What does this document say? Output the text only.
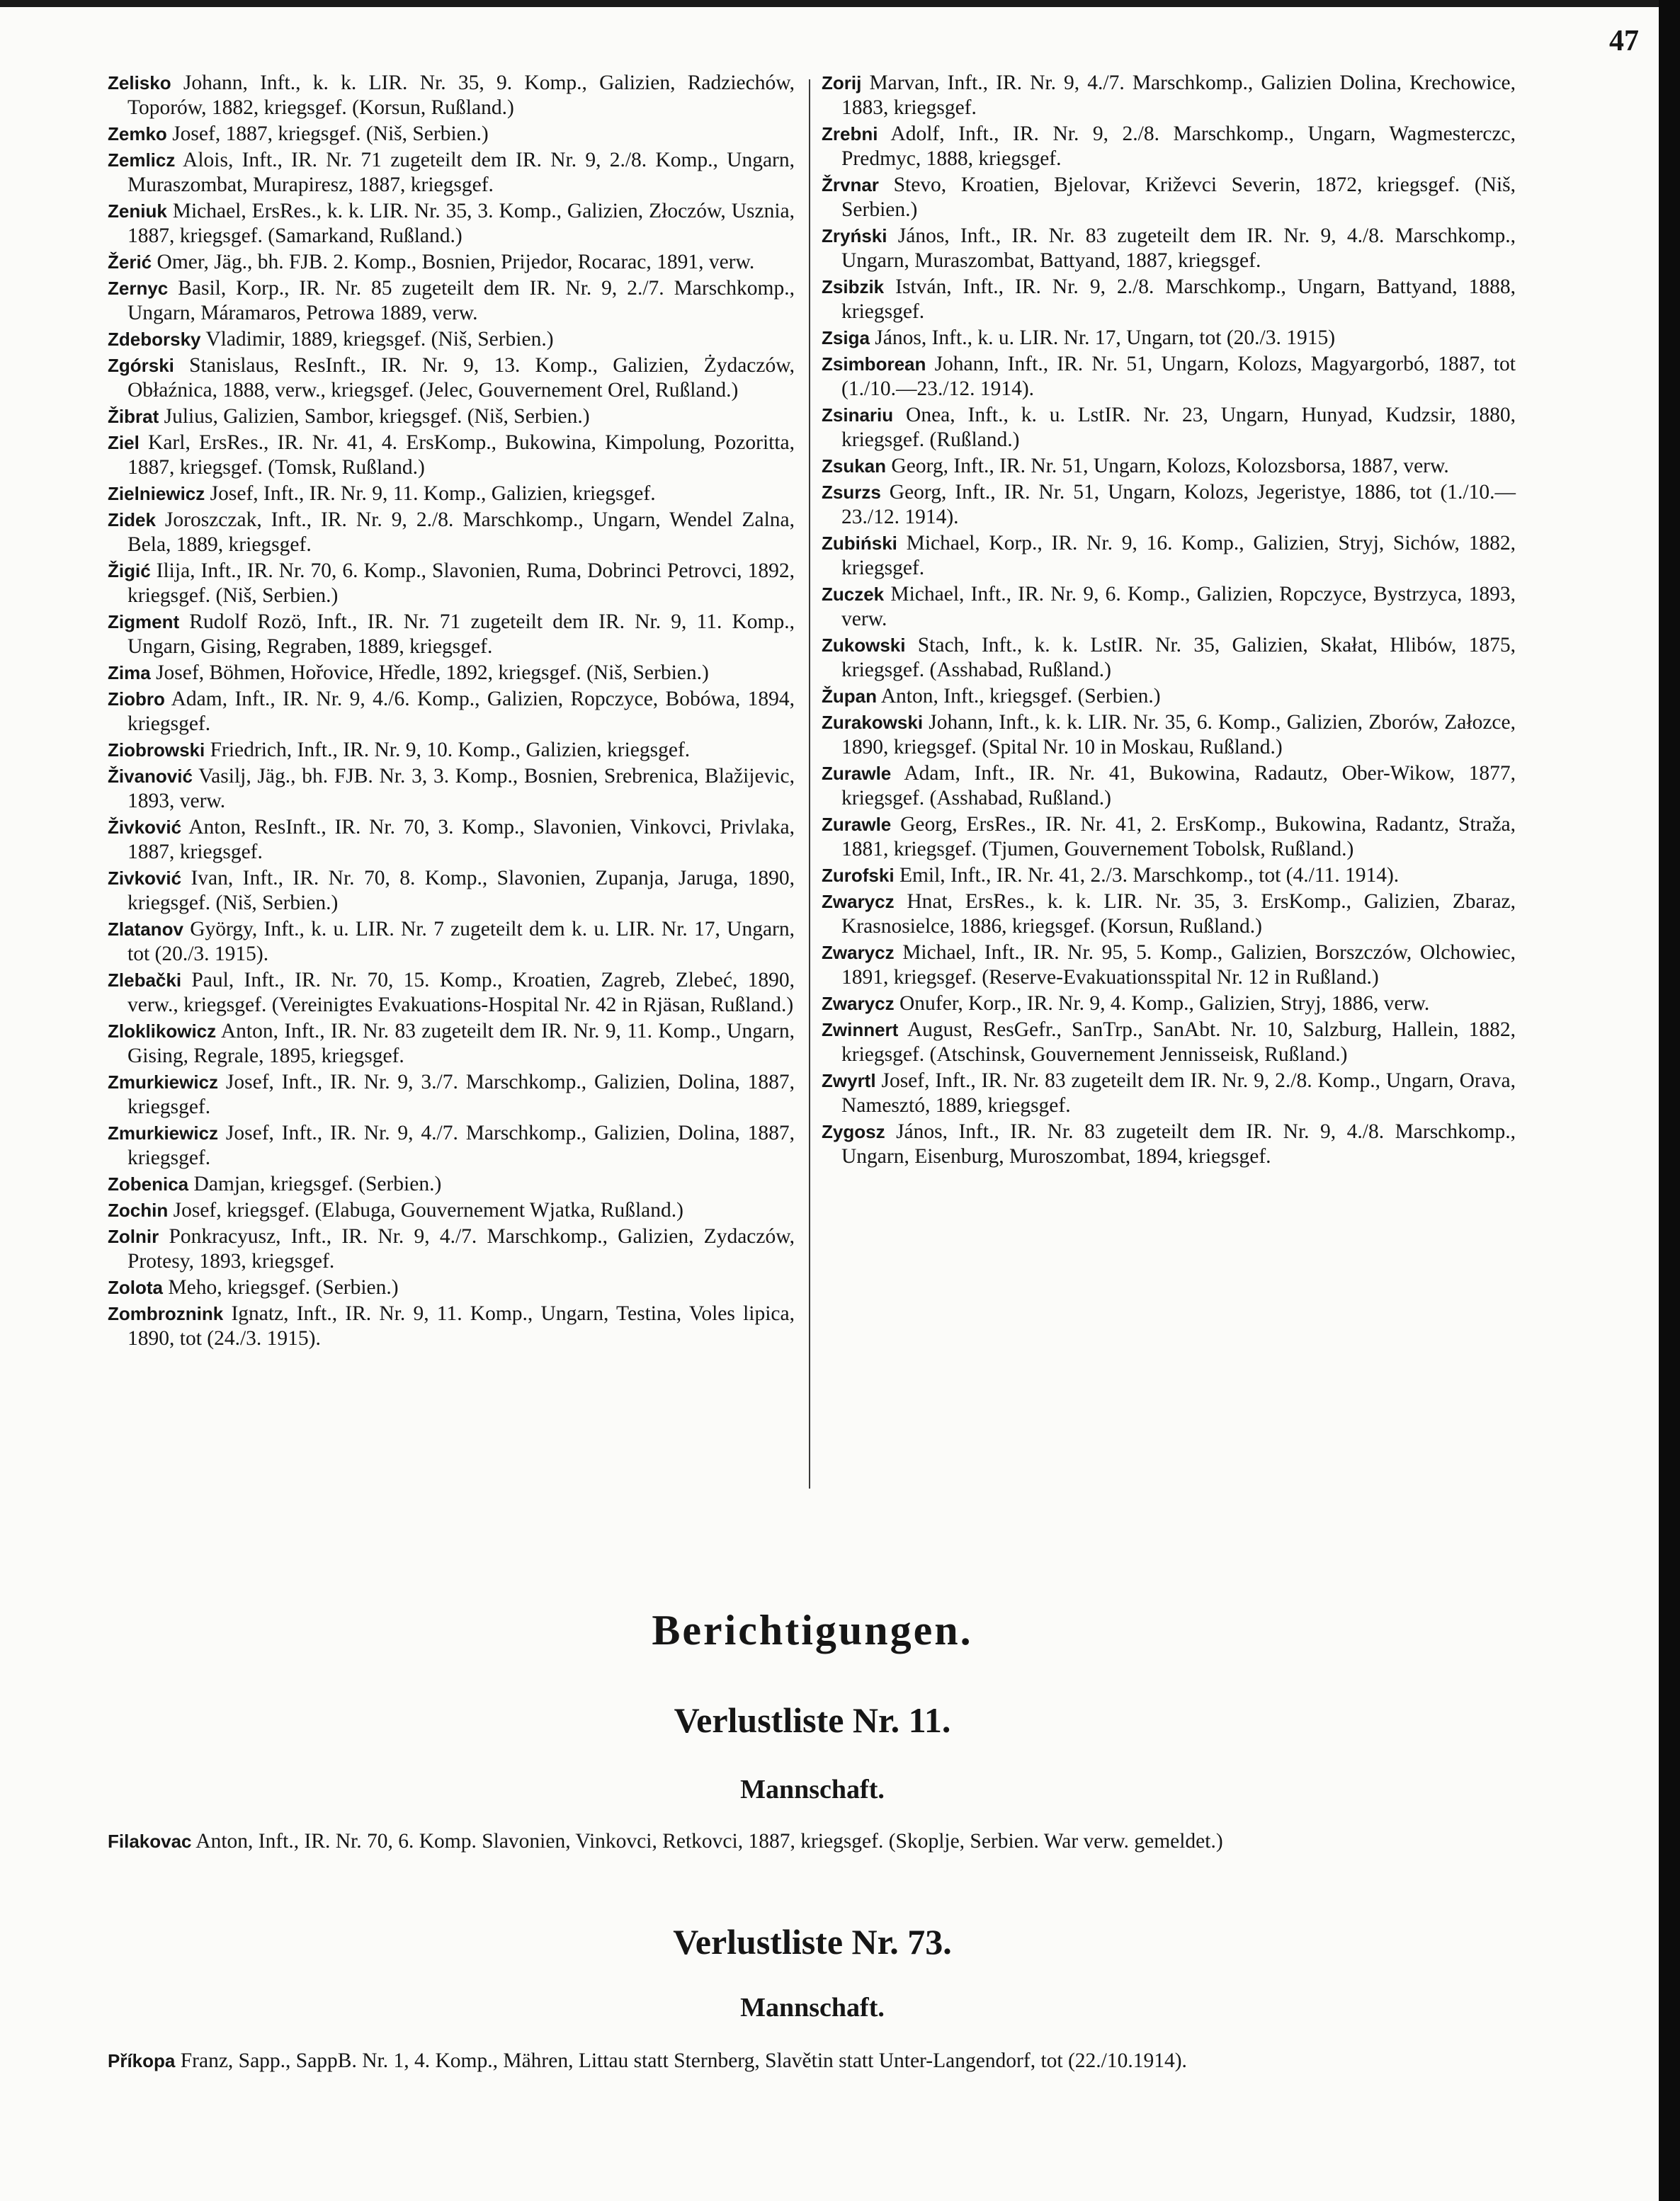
47

Zelisko Johann, Inft., k. k. LIR. Nr. 35, 9. Komp., Galizien, Radziechów, Toporów, 1882, kriegsgef. (Korsun, Rußland.)

Zemko Josef, 1887, kriegsgef. (Niš, Serbien.)

Zemlicz Alois, Inft., IR. Nr. 71 zugeteilt dem IR. Nr. 9, 2./8. Komp., Ungarn, Muraszombat, Murapiresz, 1887, kriegsgef.

Zeniuk Michael, ErsRes., k. k. LIR. Nr. 35, 3. Komp., Galizien, Złoczów, Usznia, 1887, kriegsgef. (Samarkand, Rußland.)

Žerić Omer, Jäg., bh. FJB. 2. Komp., Bosnien, Prijedor, Rocarac, 1891, verw.

Zernyc Basil, Korp., IR. Nr. 85 zugeteilt dem IR. Nr. 9, 2./7. Marschkomp., Ungarn, Máramaros, Petrowa 1889, verw.

Zdeborsky Vladimir, 1889, kriegsgef. (Niš, Serbien.)

Zgórski Stanislaus, ResInft., IR. Nr. 9, 13. Komp., Galizien, Żydaczów, Obłaźnica, 1888, verw., kriegsgef. (Jelec, Gouvernement Orel, Rußland.)

Žibrat Julius, Galizien, Sambor, kriegsgef. (Niš, Serbien.)

Ziel Karl, ErsRes., IR. Nr. 41, 4. ErsKomp., Bukowina, Kimpolung, Pozoritta, 1887, kriegsgef. (Tomsk, Rußland.)

Zielniewicz Josef, Inft., IR. Nr. 9, 11. Komp., Galizien, kriegsgef.

Zidek Joroszczak, Inft., IR. Nr. 9, 2./8. Marschkomp., Ungarn, Wendel Zalna, Bela, 1889, kriegsgef.

Žigić Ilija, Inft., IR. Nr. 70, 6. Komp., Slavonien, Ruma, Dobrinci Petrovci, 1892, kriegsgef. (Niš, Serbien.)

Zigment Rudolf Rozö, Inft., IR. Nr. 71 zugeteilt dem IR. Nr. 9, 11. Komp., Ungarn, Gising, Regraben, 1889, kriegsgef.

Zima Josef, Böhmen, Hořovice, Hředle, 1892, kriegsgef. (Niš, Serbien.)

Ziobro Adam, Inft., IR. Nr. 9, 4./6. Komp., Galizien, Ropczyce, Bobówa, 1894, kriegsgef.

Ziobrowski Friedrich, Inft., IR. Nr. 9, 10. Komp., Galizien, kriegsgef.

Živanović Vasilj, Jäg., bh. FJB. Nr. 3, 3. Komp., Bosnien, Srebrenica, Blažijevic, 1893, verw.

Živković Anton, ResInft., IR. Nr. 70, 3. Komp., Slavonien, Vinkovci, Privlaka, 1887, kriegsgef.

Zivković Ivan, Inft., IR. Nr. 70, 8. Komp., Slavonien, Zupanja, Jaruga, 1890, kriegsgef. (Niš, Serbien.)

Zlatanov György, Inft., k. u. LIR. Nr. 7 zugeteilt dem k. u. LIR. Nr. 17, Ungarn, tot (20./3. 1915).

Zlebački Paul, Inft., IR. Nr. 70, 15. Komp., Kroatien, Zagreb, Zlebeć, 1890, verw., kriegsgef. (Vereinigtes Evakuations-Hospital Nr. 42 in Rjäsan, Rußland.)

Zloklikowicz Anton, Inft., IR. Nr. 83 zugeteilt dem IR. Nr. 9, 11. Komp., Ungarn, Gising, Regrale, 1895, kriegsgef.

Zmurkiewicz Josef, Inft., IR. Nr. 9, 3./7. Marschkomp., Galizien, Dolina, 1887, kriegsgef.

Zmurkiewicz Josef, Inft., IR. Nr. 9, 4./7. Marschkomp., Galizien, Dolina, 1887, kriegsgef.

Zobenica Damjan, kriegsgef. (Serbien.)

Zochin Josef, kriegsgef. (Elabuga, Gouvernement Wjatka, Rußland.)

Zolnir Ponkracyusz, Inft., IR. Nr. 9, 4./7. Marschkomp., Galizien, Zydaczów, Protesy, 1893, kriegsgef.

Zolota Meho, kriegsgef. (Serbien.)

Zombroznink Ignatz, Inft., IR. Nr. 9, 11. Komp., Ungarn, Testina, Voles lipica, 1890, tot (24./3. 1915).

Zorij Marvan, Inft., IR. Nr. 9, 4./7. Marschkomp., Galizien Dolina, Krechowice, 1883, kriegsgef.

Zrebni Adolf, Inft., IR. Nr. 9, 2./8. Marschkomp., Ungarn, Wagmesterczc, Predmyc, 1888, kriegsgef.

Žrvnar Stevo, Kroatien, Bjelovar, Križevci Severin, 1872, kriegsgef. (Niš, Serbien.)

Zryński János, Inft., IR. Nr. 83 zugeteilt dem IR. Nr. 9, 4./8. Marschkomp., Ungarn, Muraszombat, Battyand, 1887, kriegsgef.

Zsibzik István, Inft., IR. Nr. 9, 2./8. Marschkomp., Ungarn, Battyand, 1888, kriegsgef.

Zsiga János, Inft., k. u. LIR. Nr. 17, Ungarn, tot (20./3. 1915)

Zsimborean Johann, Inft., IR. Nr. 51, Ungarn, Kolozs, Magyargorbó, 1887, tot (1./10.—23./12. 1914).

Zsinariu Onea, Inft., k. u. LstIR. Nr. 23, Ungarn, Hunyad, Kudzsir, 1880, kriegsgef. (Rußland.)

Zsukan Georg, Inft., IR. Nr. 51, Ungarn, Kolozs, Kolozsborsa, 1887, verw.

Zsurzs Georg, Inft., IR. Nr. 51, Ungarn, Kolozs, Jegeristye, 1886, tot (1./10.—23./12. 1914).

Zubiński Michael, Korp., IR. Nr. 9, 16. Komp., Galizien, Stryj, Sichów, 1882, kriegsgef.

Zuczek Michael, Inft., IR. Nr. 9, 6. Komp., Galizien, Ropczyce, Bystrzyca, 1893, verw.

Zukowski Stach, Inft., k. k. LstIR. Nr. 35, Galizien, Skałat, Hlibów, 1875, kriegsgef. (Asshabad, Rußland.)

Župan Anton, Inft., kriegsgef. (Serbien.)

Zurakowski Johann, Inft., k. k. LIR. Nr. 35, 6. Komp., Galizien, Zborów, Załozce, 1890, kriegsgef. (Spital Nr. 10 in Moskau, Rußland.)

Zurawle Adam, Inft., IR. Nr. 41, Bukowina, Radautz, Ober-Wikow, 1877, kriegsgef. (Asshabad, Rußland.)

Zurawle Georg, ErsRes., IR. Nr. 41, 2. ErsKomp., Bukowina, Radantz, Straža, 1881, kriegsgef. (Tjumen, Gouvernement Tobolsk, Rußland.)

Zurofski Emil, Inft., IR. Nr. 41, 2./3. Marschkomp., tot (4./11. 1914).

Zwarycz Hnat, ErsRes., k. k. LIR. Nr. 35, 3. ErsKomp., Galizien, Zbaraz, Krasnosielce, 1886, kriegsgef. (Korsun, Rußland.)

Zwarycz Michael, Inft., IR. Nr. 95, 5. Komp., Galizien, Borszczów, Olchowiec, 1891, kriegsgef. (Reserve-Evakuationsspital Nr. 12 in Rußland.)

Zwarycz Onufer, Korp., IR. Nr. 9, 4. Komp., Galizien, Stryj, 1886, verw.

Zwinnert August, ResGefr., SanTrp., SanAbt. Nr. 10, Salzburg, Hallein, 1882, kriegsgef. (Atschinsk, Gouvernement Jennisseisk, Rußland.)

Zwyrtl Josef, Inft., IR. Nr. 83 zugeteilt dem IR. Nr. 9, 2./8. Komp., Ungarn, Orava, Namesztó, 1889, kriegsgef.

Zygosz János, Inft., IR. Nr. 83 zugeteilt dem IR. Nr. 9, 4./8. Marschkomp., Ungarn, Eisenburg, Muroszombat, 1894, kriegsgef.

Berichtigungen.
Verlustliste Nr. 11.
Mannschaft.
Filakovac Anton, Inft., IR. Nr. 70, 6. Komp. Slavonien, Vinkovci, Retkovci, 1887, kriegsgef. (Skoplje, Serbien. War verw. gemeldet.)
Verlustliste Nr. 73.
Mannschaft.
Příkopa Franz, Sapp., SappB. Nr. 1, 4. Komp., Mähren, Littau statt Sternberg, Slavětin statt Unter-Langendorf, tot (22./10.1914).
